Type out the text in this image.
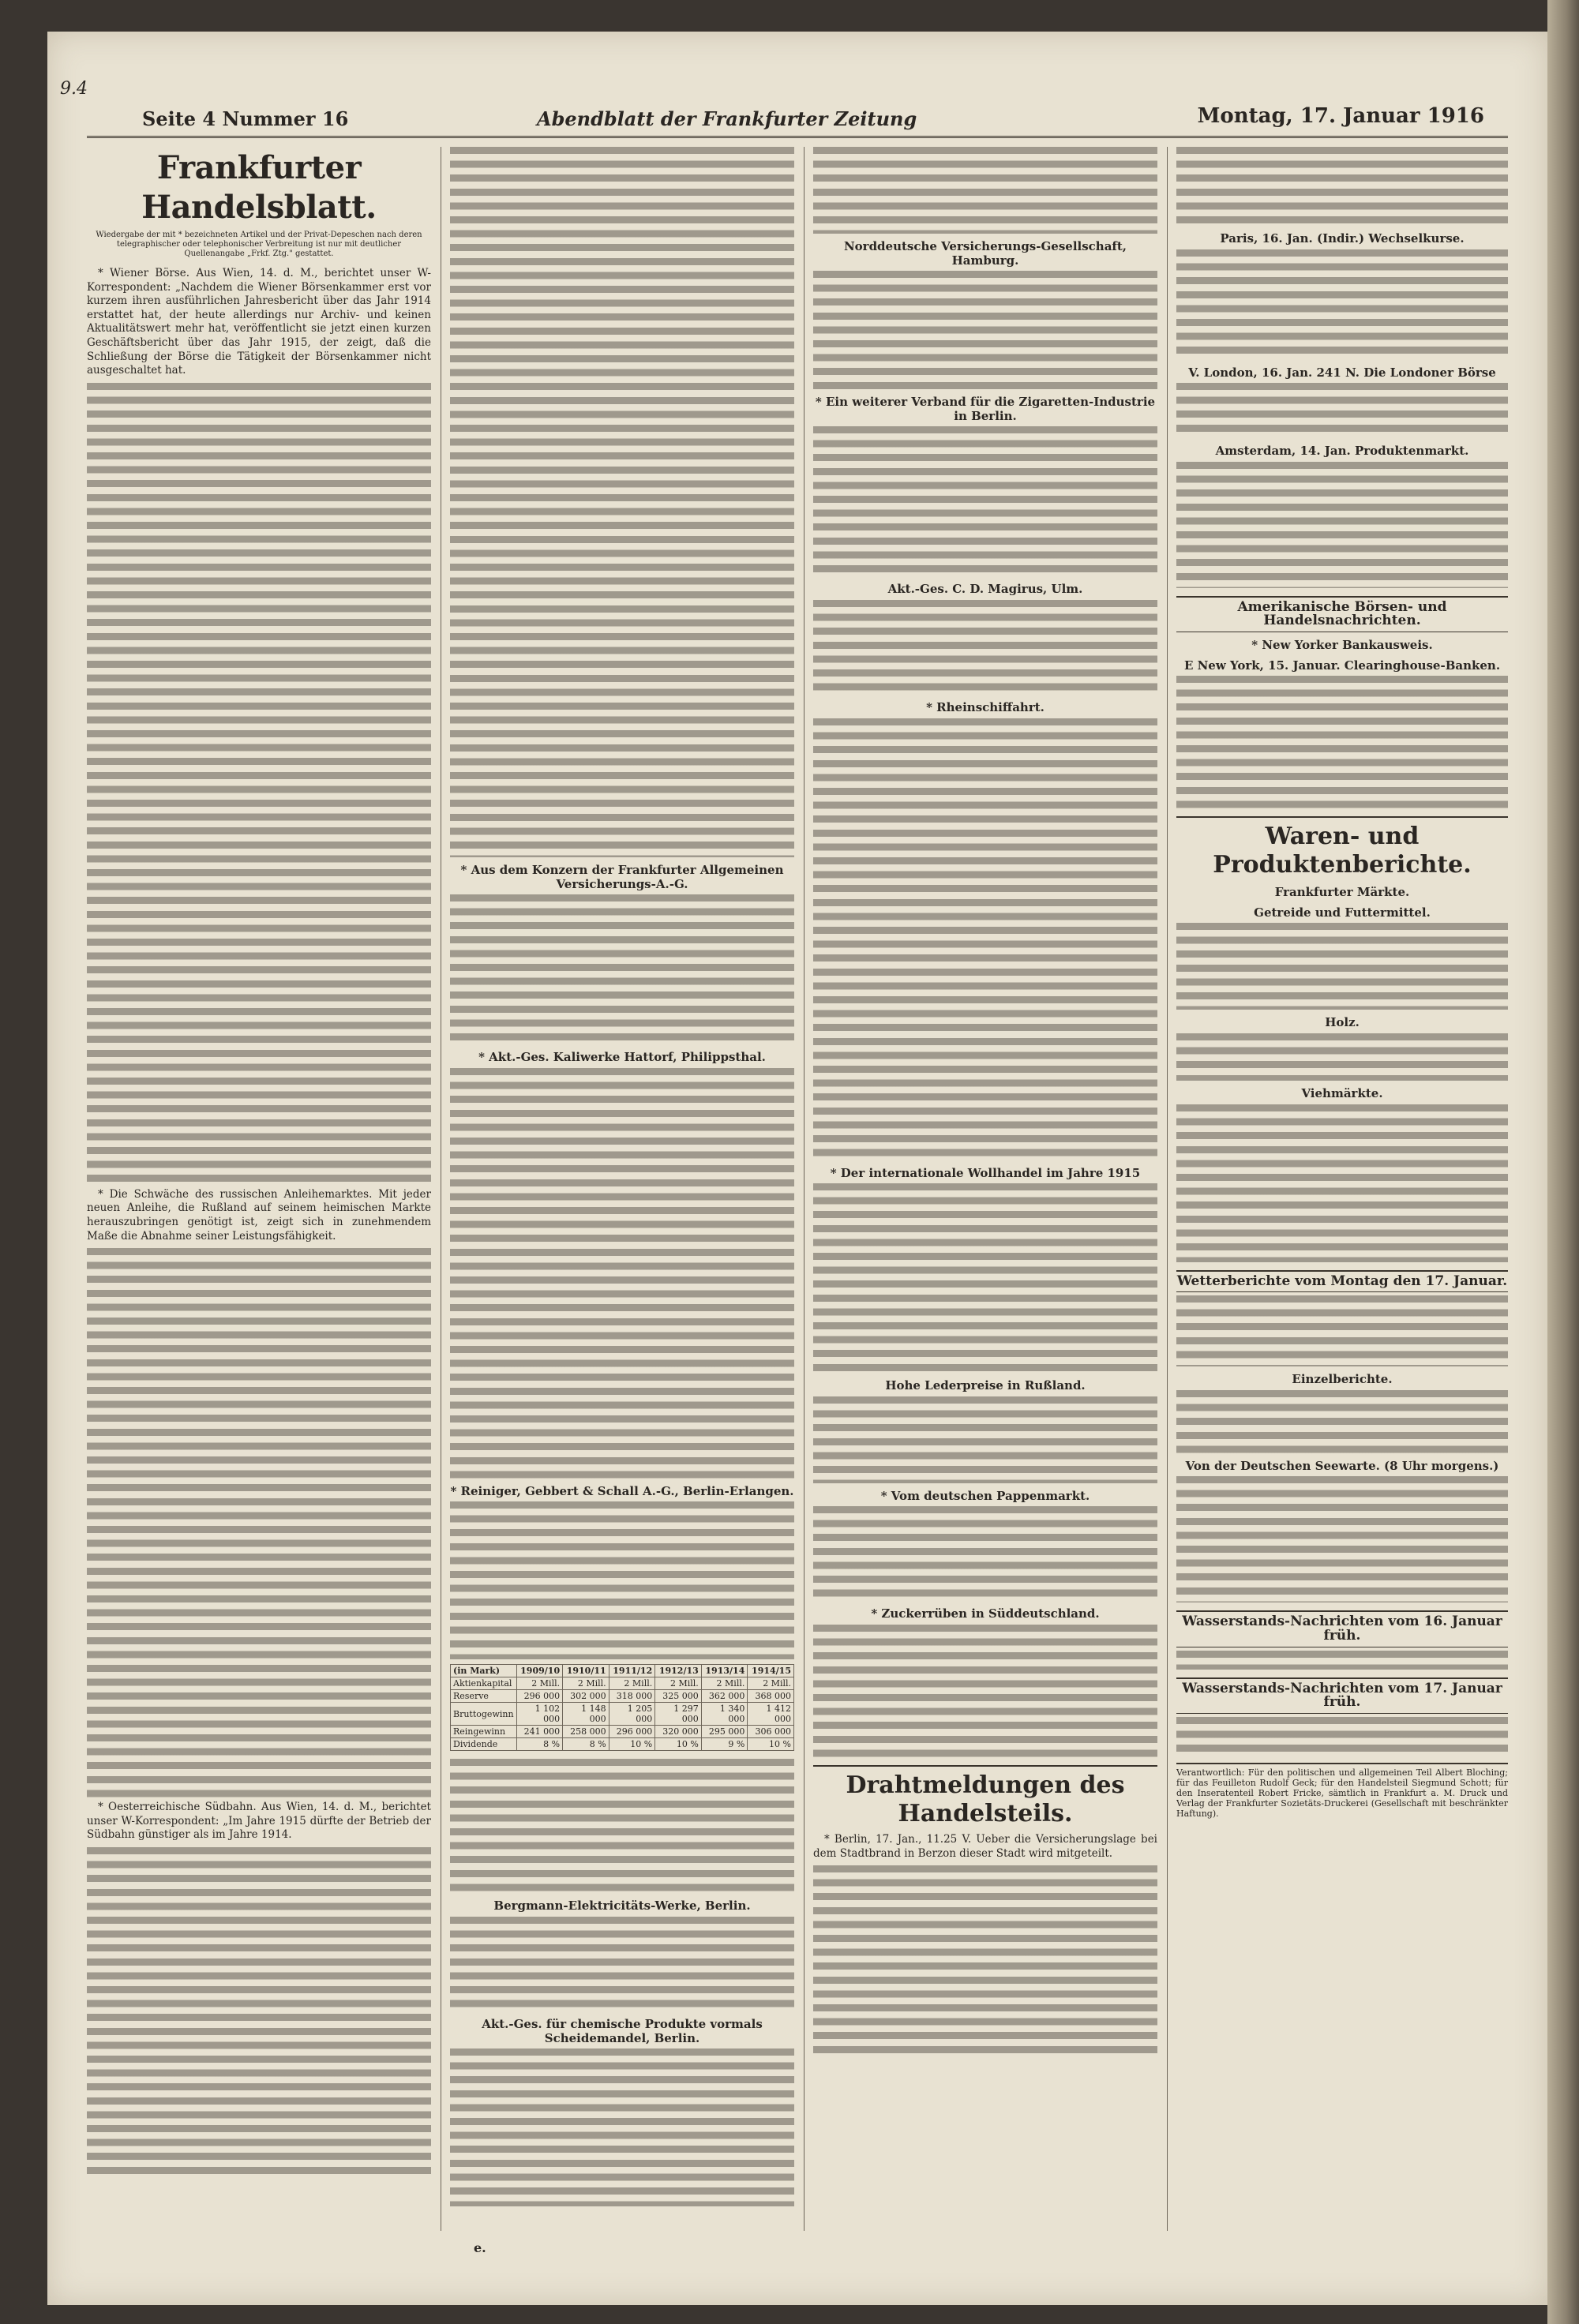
9.4
Seite 4 Nummer 16	Abendblatt der Frankfurter Zeitung	Montag, 17. Januar 1916
Frankfurter Handelsblatt.
Wiedergabe der mit * bezeichneten Artikel und der Privat-Depeschen nach deren telegraphischer oder telephonischer Verbreitung ist nur mit deutlicher Quellenangabe „Frkf. Ztg." gestattet.

* Wiener Börse. Aus Wien, 14. d. M., berichtet unser W-Korrespondent: „Nachdem die Wiener Börsenkammer erst vor kurzem ihren ausführlichen Jahresbericht über das Jahr 1914 erstattet hat, der heute allerdings nur Archiv- und keinen Aktualitätswert mehr hat, veröffentlicht sie jetzt einen kurzen Geschäftsbericht über das Jahr 1915, der zeigt, daß die Schließung der Börse die Tätigkeit der Börsenkammer nicht ausgeschaltet hat.

* Die Schwäche des russischen Anleihemarktes. Mit jeder neuen Anleihe, die Rußland auf seinem heimischen Markte herauszubringen genötigt ist, zeigt sich in zunehmendem Maße die Abnahme seiner Leistungsfähigkeit.

* Oesterreichische Südbahn. Aus Wien, 14. d. M., berichtet unser W-Korrespondent: „Im Jahre 1915 dürfte der Betrieb der Südbahn günstiger als im Jahre 1914.

* Aus dem Konzern der Frankfurter Allgemeinen Versicherungs-A.-G.
* Akt.-Ges. Kaliwerke Hattorf, Philippsthal.
* Reiniger, Gebbert & Schall A.-G., Berlin-Erlangen.
(in Mark)	1909/10	1910/11	1911/12	1912/13	1913/14	1914/15
Aktienkapital	2 Mill.	2 Mill.	2 Mill.	2 Mill.	2 Mill.	2 Mill.
Reserve	296 000	302 000	318 000	325 000	362 000	368 000
Bruttogewinn	1 102 000	1 148 000	1 205 000	1 297 000	1 340 000	1 412 000
Reingewinn	241 000	258 000	296 000	320 000	295 000	306 000
Dividende	8 %	8 %	10 %	10 %	9 %	10 %
Bergmann-Elektricitäts-Werke, Berlin.
Akt.-Ges. für chemische Produkte vormals Scheidemandel, Berlin.
Norddeutsche Versicherungs-Gesellschaft, Hamburg.
* Ein weiterer Verband für die Zigaretten-Industrie in Berlin.
Akt.-Ges. C. D. Magirus, Ulm.
* Rheinschiffahrt.
* Der internationale Wollhandel im Jahre 1915
Hohe Lederpreise in Rußland.
* Vom deutschen Pappenmarkt.
* Zuckerrüben in Süddeutschland.
Drahtmeldungen des Handelsteils.

* Berlin, 17. Jan., 11.25 V. Ueber die Versicherungslage bei dem Stadtbrand in Berzon dieser Stadt wird mitgeteilt.

Paris, 16. Jan. (Indir.) Wechselkurse.
V. London, 16. Jan. 241 N. Die Londoner Börse
Amsterdam, 14. Jan. Produktenmarkt.
Amerikanische Börsen- und Handelsnachrichten.
* New Yorker Bankausweis.
E New York, 15. Januar. Clearinghouse-Banken.
Waren- und Produktenberichte.
Frankfurter Märkte.
Getreide und Futtermittel.
Holz.
Viehmärkte.
Wetterberichte vom Montag den 17. Januar.
Einzelberichte.
Von der Deutschen Seewarte. (8 Uhr morgens.)
Wasserstands-Nachrichten vom 16. Januar früh.
Wasserstands-Nachrichten vom 17. Januar früh.
Verantwortlich: Für den politischen und allgemeinen Teil Albert Bloching; für das Feuilleton Rudolf Geck; für den Handelsteil Siegmund Schott; für den Inseratenteil Robert Fricke, sämtlich in Frankfurt a. M. Druck und Verlag der Frankfurter Sozietäts-Druckerei (Gesellschaft mit beschränkter Haftung).
e.
